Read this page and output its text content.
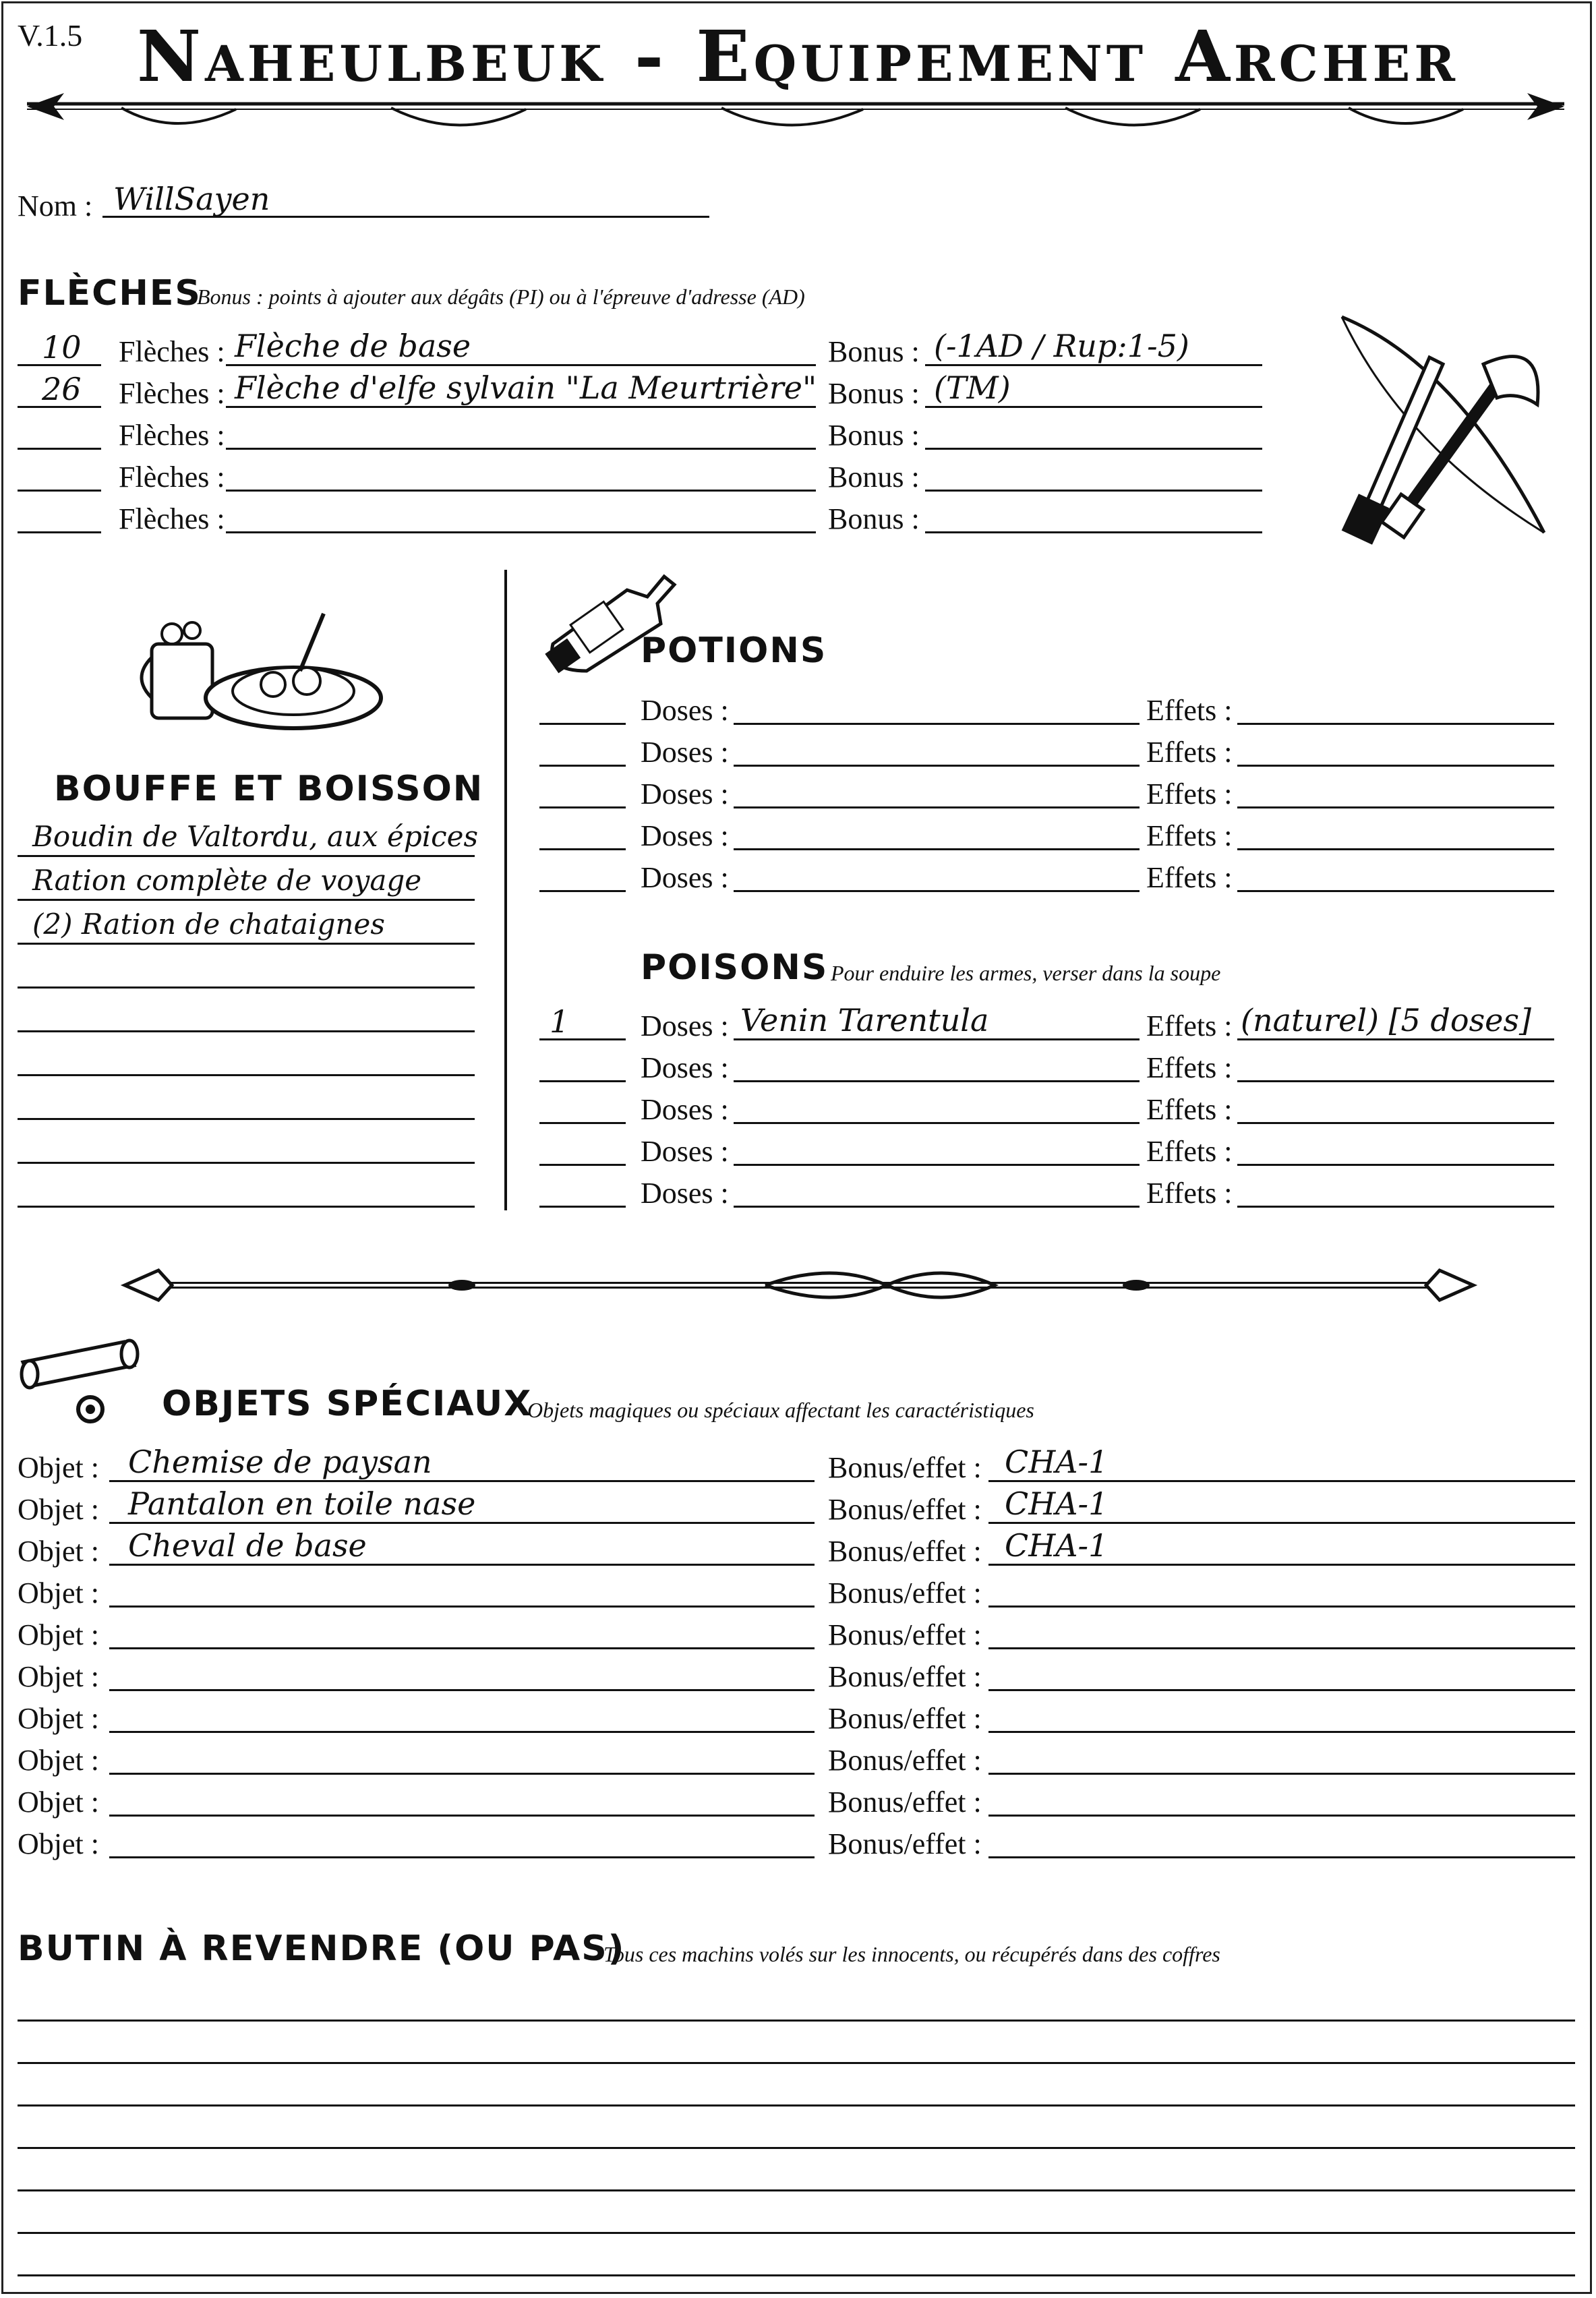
V.1.5 Naheulbeuk - Equipement Archer
Nom : WillSayen
FLÈCHES
Bonus : points à ajouter aux dégâts (PI) ou à l'épreuve d'adresse (AD)
10 Flèches : Flèche de base	Bonus : (-1AD / Rup:1-5)
26 Flèches : Flèche d'elfe sylvain "La Meurtrière" Bonus : (TM)
Flèches :	Bonus :
Flèches :	Bonus :
Flèches :	Bonus :
BOUFFE ET BOISSON
Boudin de Valtordu, aux épices
Ration complète de voyage
(2) Ration de chataignes
POTIONS
Doses :	Effets :
Doses :	Effets :
Doses :	Effets :
Doses :	Effets :
Doses :	Effets :
POISONS Pour enduire les armes, verser dans la soupe
1 Doses : Venin Tarentula	Effets : (naturel) [5 doses]
Doses :	Effets :
Doses :	Effets :
Doses :	Effets :
Doses :	Effets :
OBJETS SPÉCIAUX
Objets magiques ou spéciaux affectant les caractéristiques
Objet : Chemise de paysan	Bonus/effet : CHA-1
Objet : Pantalon en toile nase	Bonus/effet : CHA-1
Objet : Cheval de base	Bonus/effet : CHA-1
Objet :	Bonus/effet :
Objet :	Bonus/effet :
Objet :	Bonus/effet :
Objet :	Bonus/effet :
Objet :	Bonus/effet :
Objet :	Bonus/effet :
Objet :	Bonus/effet :
BUTIN À REVENDRE (OU PAS)
Tous ces machins volés sur les innocents, ou récupérés dans des coffres
